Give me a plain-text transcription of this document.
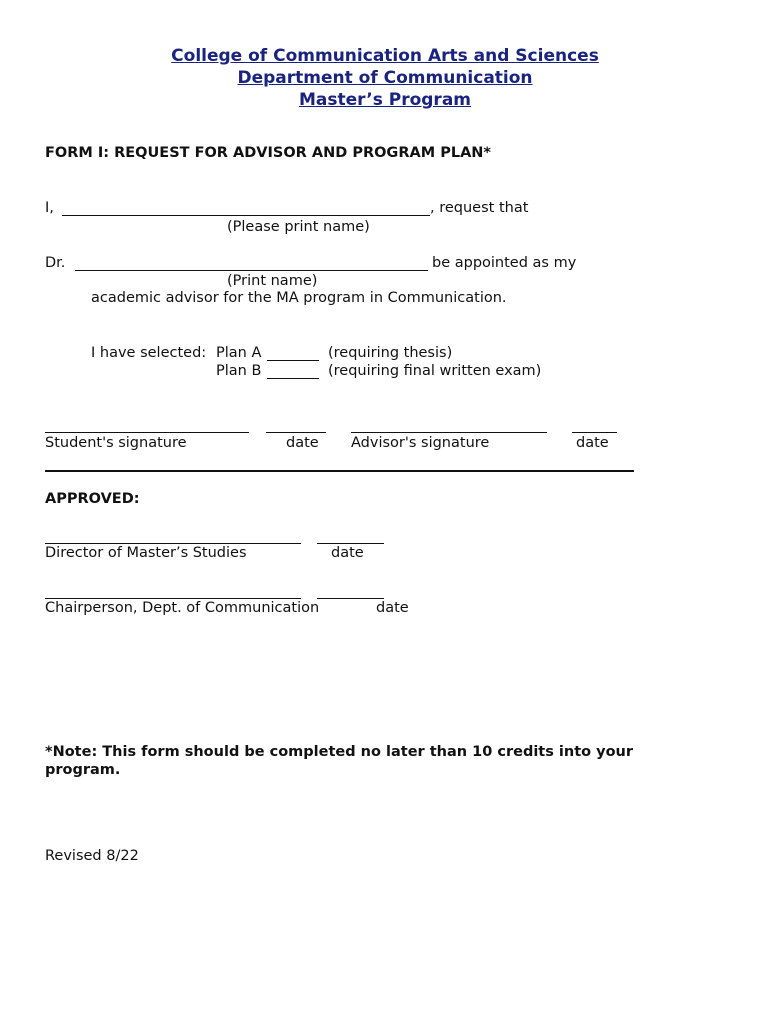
College of Communication Arts and Sciences
Department of Communication
Master’s Program
FORM I: REQUEST FOR ADVISOR AND PROGRAM PLAN*
I,	, request that
(Please print name)
Dr.	be appointed as my
(Print name)
academic advisor for the MA program in Communication.
I have selected: Plan A	(requiring thesis)
Plan B	(requiring final written exam)
Student's signature	date Advisor's signature	date
APPROVED:
Director of Master’s Studies	date
Chairperson, Dept. of Communication	date
*Note: This form should be completed no later than 10 credits into your
program.
Revised 8/22
